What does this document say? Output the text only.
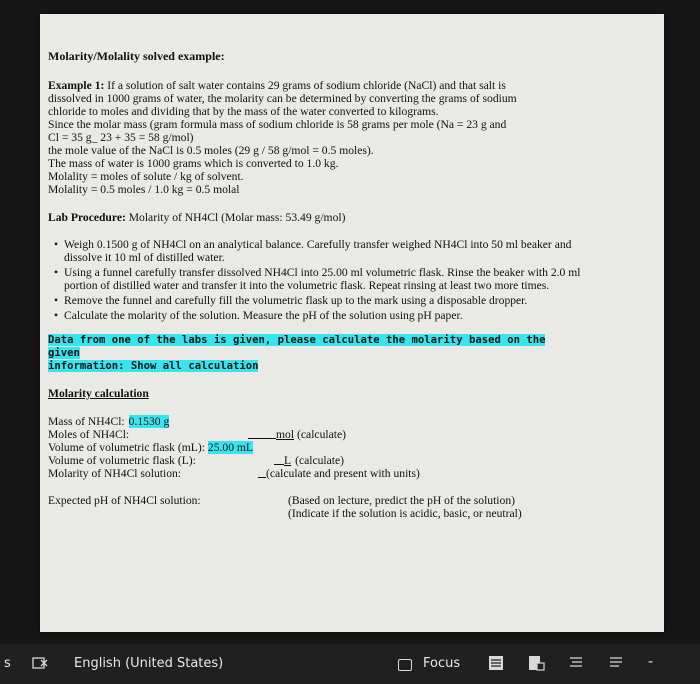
Molarity/Molality solved example:

Example 1: If a solution of salt water contains 29 grams of sodium chloride (NaCl) and that salt is

dissolved in 1000 grams of water, the molarity can be determined by converting the grams of sodium

chloride to moles and dividing that by the mass of the water converted to kilograms.

Since the molar mass (gram formula mass of sodium chloride is 58 grams per mole (Na = 23 g and

Cl = 35 g_ 23 + 35 = 58 g/mol)

the mole value of the NaCl is 0.5 moles (29 g / 58 g/mol = 0.5 moles).

The mass of water is 1000 grams which is converted to 1.0 kg.

Molality = moles of solute / kg of solvent.

Molality = 0.5 moles / 1.0 kg = 0.5 molal

Lab Procedure: Molarity of NH4Cl (Molar mass: 53.49 g/mol)
• Weigh 0.1500 g of NH4Cl on an analytical balance. Carefully transfer weighed NH4Cl into 50 ml beaker and dissolve it 10 ml of distilled water.
• Using a funnel carefully transfer dissolved NH4Cl into 25.00 ml volumetric flask. Rinse the beaker with 2.0 ml portion of distilled water and transfer it into the volumetric flask. Repeat rinsing at least two more times.
• Remove the funnel and carefully fill the volumetric flask up to the mark using a disposable dropper.
• Calculate the molarity of the solution. Measure the pH of the solution using pH paper.
Data from one of the labs is given, please calculate the molarity based on the given
information: Show all calculation
Molarity calculation
Mass of NH4Cl: 0.1530 g
Moles of NH4Cl:	mol (calculate)
Volume of volumetric flask (mL): 25.00 mL
Volume of volumetric flask (L):	L (calculate)
Molarity of NH4Cl solution:	(calculate and present with units)
Expected pH of NH4Cl solution:	(Based on lecture, predict the pH of the solution)
(Indicate if the solution is acidic, basic, or neutral)
s	English (United States)	Focus	-
